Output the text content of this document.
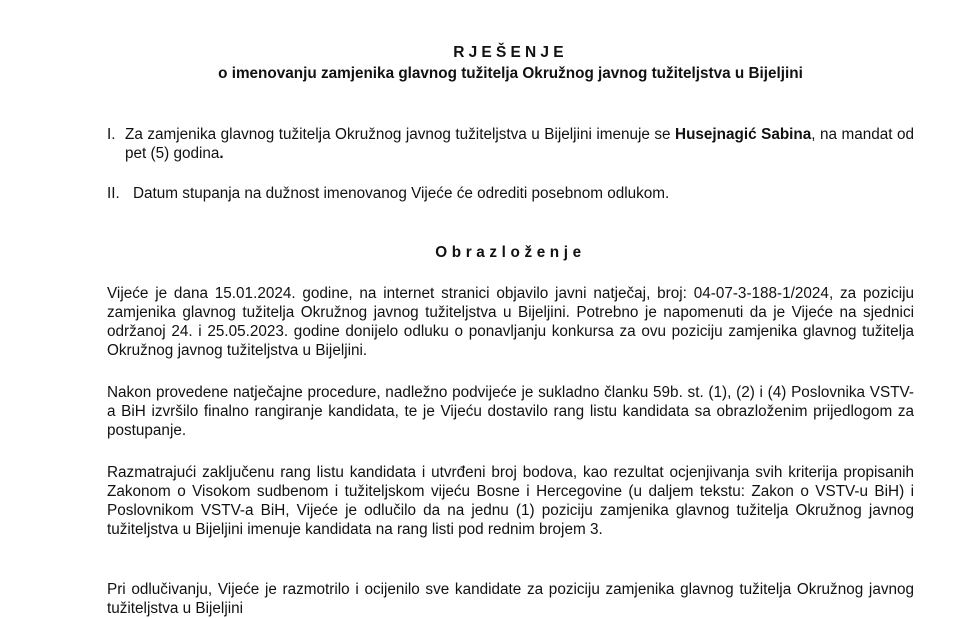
RJEŠENJE
o imenovanju zamjenika glavnog tužitelja Okružnog javnog tužiteljstva u Bijeljini
I. Za zamjenika glavnog tužitelja Okružnog javnog tužiteljstva u Bijeljini imenuje se Husejnagić Sabina, na mandat od pet (5) godina.
II. Datum stupanja na dužnost imenovanog Vijeće će odrediti posebnom odlukom.
Obrazloženje

Vijeće je dana 15.01.2024. godine, na internet stranici objavilo javni natječaj, broj: 04-07-3-188-1/2024, za poziciju zamjenika glavnog tužitelja Okružnog javnog tužiteljstva u Bijeljini. Potrebno je napomenuti da je Vijeće na sjednici održanoj 24. i 25.05.2023. godine donijelo odluku o ponavljanju konkursa za ovu poziciju zamjenika glavnog tužitelja Okružnog javnog tužiteljstva u Bijeljini.

Nakon provedene natječajne procedure, nadležno podvijeće je sukladno članku 59b. st. (1), (2) i (4) Poslovnika VSTV-a BiH izvršilo finalno rangiranje kandidata, te je Vijeću dostavilo rang listu kandidata sa obrazloženim prijedlogom za postupanje.

Razmatrajući zaključenu rang listu kandidata i utvrđeni broj bodova, kao rezultat ocjenjivanja svih kriterija propisanih Zakonom o Visokom sudbenom i tužiteljskom vijeću Bosne i Hercegovine (u daljem tekstu: Zakon o VSTV-u BiH) i Poslovnikom VSTV-a BiH, Vijeće je odlučilo da na jednu (1) poziciju zamjenika glavnog tužitelja Okružnog javnog tužiteljstva u Bijeljini imenuje kandidata na rang listi pod rednim brojem 3.

Pri odlučivanju, Vijeće je razmotrilo i ocijenilo sve kandidate za poziciju zamjenika glavnog tužitelja Okružnog javnog tužiteljstva u Bijeljini
